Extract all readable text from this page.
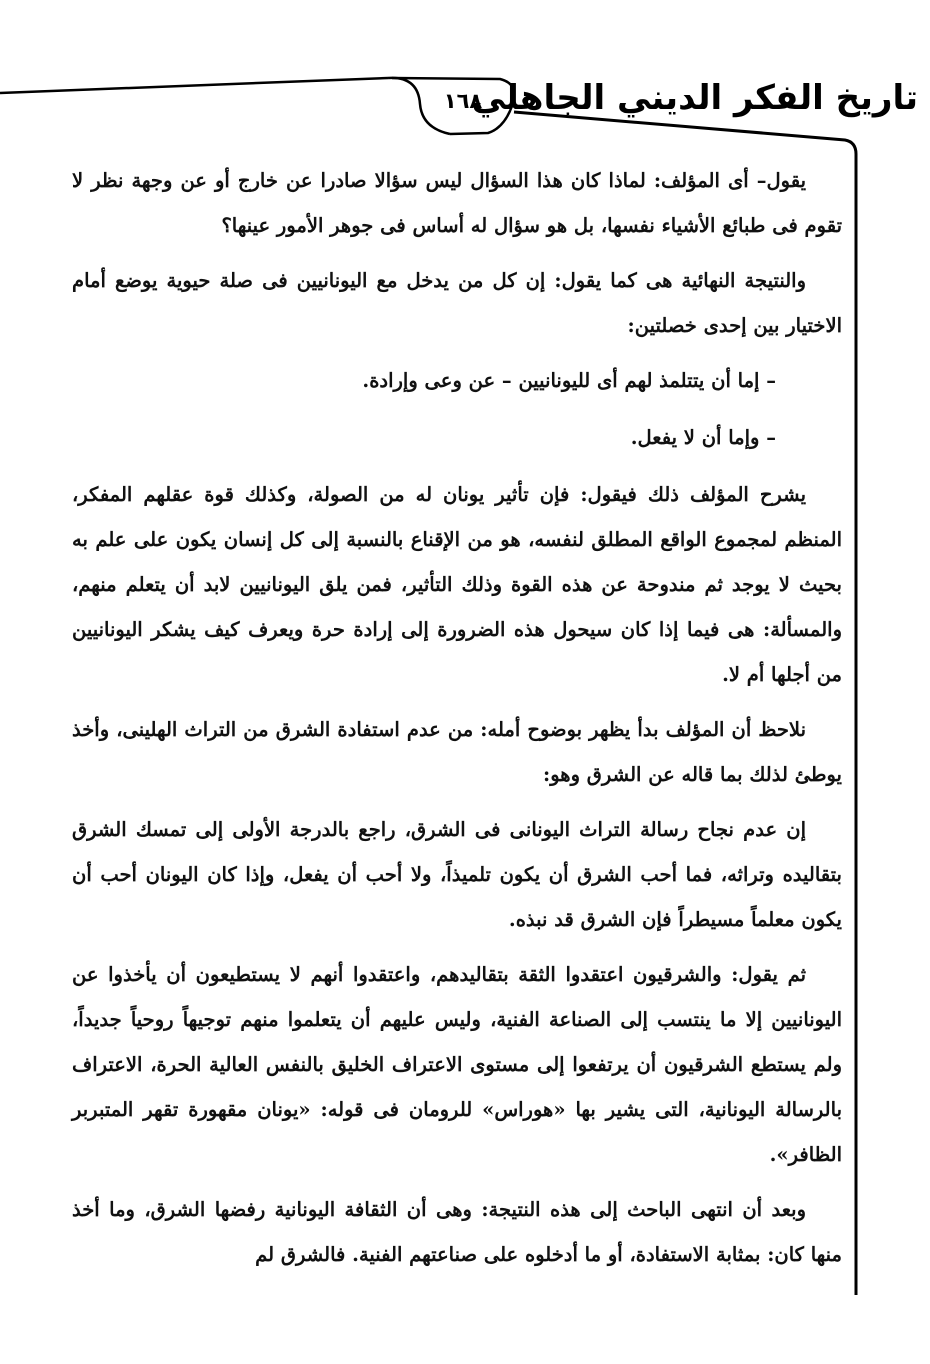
تاريخ الفكر الديني الجاهلي
١٦٨

يقول– أى المؤلف: لماذا كان هذا السؤال ليس سؤالا صادرا عن خارج أو عن وجهة نظر لا تقوم فى طبائع الأشياء نفسها، بل هو سؤال له أساس فى جوهر الأمور عينها؟

والنتيجة النهائية هى كما يقول: إن كل من يدخل مع اليونانيين فى صلة حيوية يوضع أمام الاختيار بين إحدى خصلتين:

– إما أن يتتلمذ لهم أى لليونانيين – عن وعى وإرادة.

– وإما أن لا يفعل.

يشرح المؤلف ذلك فيقول: فإن تأثير يونان له من الصولة، وكذلك قوة عقلهم المفكر، المنظم لمجموع الواقع المطلق لنفسه، هو من الإقناع بالنسبة إلى كل إنسان يكون على علم به بحيث لا يوجد ثم مندوحة عن هذه القوة وذلك التأثير، فمن يلق اليونانيين لابد أن يتعلم منهم، والمسألة: هى فيما إذا كان سيحول هذه الضرورة إلى إرادة حرة ويعرف كيف يشكر اليونانيين من أجلها أم لا.

نلاحظ أن المؤلف بدأ يظهر بوضوح أمله: من عدم استفادة الشرق من التراث الهلينى، وأخذ يوطئ لذلك بما قاله عن الشرق وهو:

إن عدم نجاح رسالة التراث اليونانى فى الشرق، راجع بالدرجة الأولى إلى تمسك الشرق بتقاليده وتراثه، فما أحب الشرق أن يكون تلميذاً، ولا أحب أن يفعل، وإذا كان اليونان أحب أن يكون معلماً مسيطراً فإن الشرق قد نبذه.

ثم يقول: والشرقيون اعتقدوا الثقة بتقاليدهم، واعتقدوا أنهم لا يستطيعون أن يأخذوا عن اليونانيين إلا ما ينتسب إلى الصناعة الفنية، وليس عليهم أن يتعلموا منهم توجيهاً روحياً جديداً، ولم يستطع الشرقيون أن يرتفعوا إلى مستوى الاعتراف الخليق بالنفس العالية الحرة، الاعتراف بالرسالة اليونانية، التى يشير بها «هوراس» للرومان فى قوله: «يونان مقهورة تقهر المتبربر الظافر».

وبعد أن انتهى الباحث إلى هذه النتيجة: وهى أن الثقافة اليونانية رفضها الشرق، وما أخذ منها كان: بمثابة الاستفادة، أو ما أدخلوه على صناعتهم الفنية. فالشرق لم
